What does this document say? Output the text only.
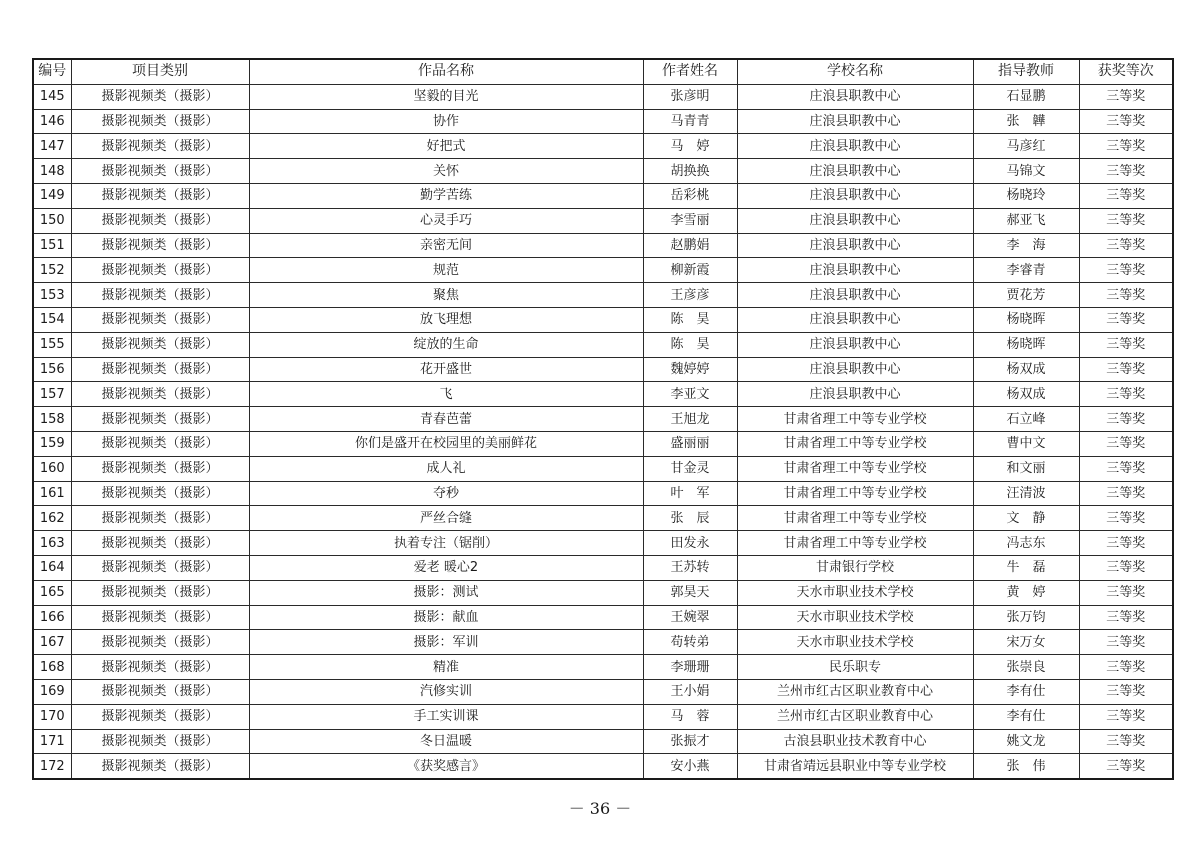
编号	项目类别	作品名称	作者姓名	学校名称	指导教师	获奖等次
145	摄影视频类（摄影）	坚毅的目光	张彦明	庄浪县职教中心	石显鹏	三等奖
146	摄影视频类（摄影）	协作	马青青	庄浪县职教中心	张　韡	三等奖
147	摄影视频类（摄影）	好把式	马　婷	庄浪县职教中心	马彦红	三等奖
148	摄影视频类（摄影）	关怀	胡换换	庄浪县职教中心	马锦文	三等奖
149	摄影视频类（摄影）	勤学苦练	岳彩桃	庄浪县职教中心	杨晓玲	三等奖
150	摄影视频类（摄影）	心灵手巧	李雪丽	庄浪县职教中心	郝亚飞	三等奖
151	摄影视频类（摄影）	亲密无间	赵鹏娟	庄浪县职教中心	李　海	三等奖
152	摄影视频类（摄影）	规范	柳新霞	庄浪县职教中心	李睿青	三等奖
153	摄影视频类（摄影）	聚焦	王彦彦	庄浪县职教中心	贾花芳	三等奖
154	摄影视频类（摄影）	放飞理想	陈　昊	庄浪县职教中心	杨晓晖	三等奖
155	摄影视频类（摄影）	绽放的生命	陈　昊	庄浪县职教中心	杨晓晖	三等奖
156	摄影视频类（摄影）	花开盛世	魏婷婷	庄浪县职教中心	杨双成	三等奖
157	摄影视频类（摄影）	飞	李亚文	庄浪县职教中心	杨双成	三等奖
158	摄影视频类（摄影）	青春芭蕾	王旭龙	甘肃省理工中等专业学校	石立峰	三等奖
159	摄影视频类（摄影）	你们是盛开在校园里的美丽鲜花	盛丽丽	甘肃省理工中等专业学校	曹中文	三等奖
160	摄影视频类（摄影）	成人礼	甘金灵	甘肃省理工中等专业学校	和文丽	三等奖
161	摄影视频类（摄影）	夺秒	叶　军	甘肃省理工中等专业学校	汪清波	三等奖
162	摄影视频类（摄影）	严丝合缝	张　辰	甘肃省理工中等专业学校	文　静	三等奖
163	摄影视频类（摄影）	执着专注（锯削）	田发永	甘肃省理工中等专业学校	冯志东	三等奖
164	摄影视频类（摄影）	爱老 暖心2	王苏转	甘肃银行学校	牛　磊	三等奖
165	摄影视频类（摄影）	摄影：测试	郭昊天	天水市职业技术学校	黄　婷	三等奖
166	摄影视频类（摄影）	摄影：献血	王婉翠	天水市职业技术学校	张万钧	三等奖
167	摄影视频类（摄影）	摄影：军训	苟转弟	天水市职业技术学校	宋万女	三等奖
168	摄影视频类（摄影）	精准	李珊珊	民乐职专	张崇良	三等奖
169	摄影视频类（摄影）	汽修实训	王小娟	兰州市红古区职业教育中心	李有仕	三等奖
170	摄影视频类（摄影）	手工实训课	马　蓉	兰州市红古区职业教育中心	李有仕	三等奖
171	摄影视频类（摄影）	冬日温暖	张振才	古浪县职业技术教育中心	姚文龙	三等奖
172	摄影视频类（摄影）	《获奖感言》	安小燕	甘肃省靖远县职业中等专业学校	张　伟	三等奖
－ 36 －
